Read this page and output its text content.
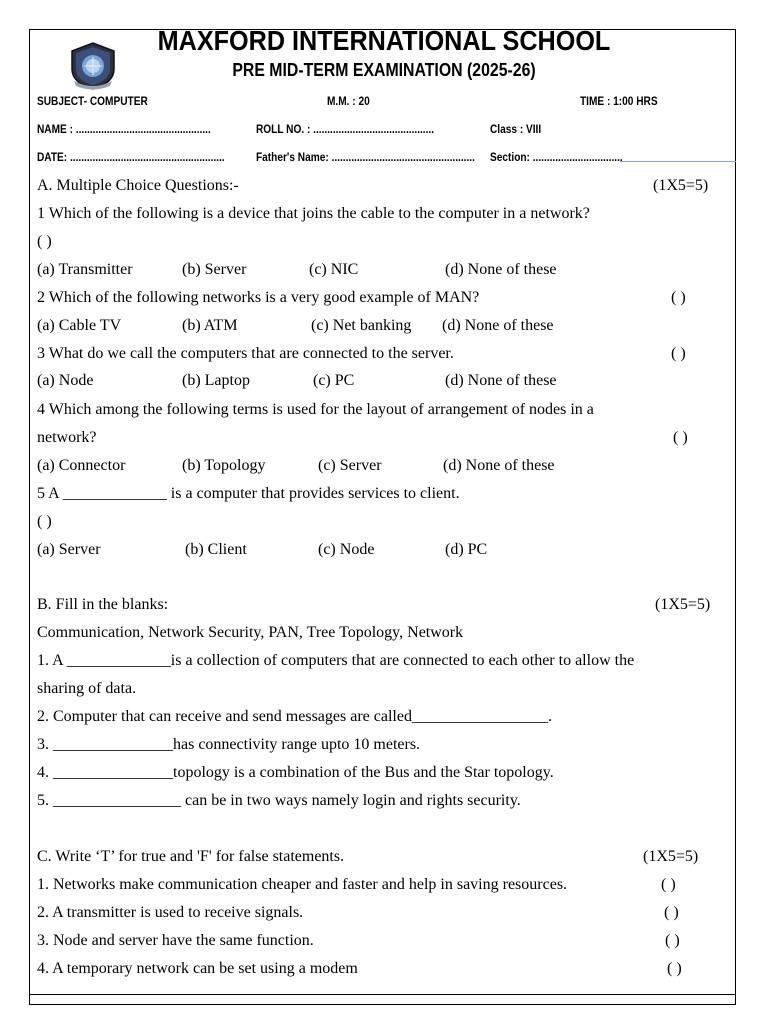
MAXFORD INTERNATIONAL SCHOOL
PRE MID-TERM EXAMINATION (2025-26)
SUBJECT- COMPUTER	M.M. : 20	TIME : 1:00 HRS
NAME : ................................................	ROLL NO. : ...........................................	Class : VIII
DATE: .......................................................	Father's Name: ................................................... Section: ................................
A. Multiple Choice Questions:-	(1X5=5)
1 Which of the following is a device that joins the cable to the computer in a network?
( )
(a) Transmitter	(b) Server	(c) NIC	(d) None of these
2 Which of the following networks is a very good example of MAN?	( )
(a) Cable TV	(b) ATM	(c) Net banking (d) None of these
3 What do we call the computers that are connected to the server.	( )
(a) Node	(b) Laptop	(c) PC	(d) None of these
4 Which among the following terms is used for the layout of arrangement of nodes in a
network?	( )
(a) Connector	(b) Topology	(c) Server	(d) None of these
5 A _____________ is a computer that provides services to client.
( )
(a) Server	(b) Client	(c) Node	(d) PC
B. Fill in the blanks:	(1X5=5)
Communication, Network Security, PAN, Tree Topology, Network
1. A _____________is a collection of computers that are connected to each other to allow the
sharing of data.
2. Computer that can receive and send messages are called_________________.
3. _______________has connectivity range upto 10 meters.
4. _______________topology is a combination of the Bus and the Star topology.
5. ________________ can be in two ways namely login and rights security.
C. Write ‘T’ for true and 'F' for false statements.	(1X5=5)
1. Networks make communication cheaper and faster and help in saving resources.	( )
2. A transmitter is used to receive signals.	( )
3. Node and server have the same function.	( )
4. A temporary network can be set using a modem	( )
